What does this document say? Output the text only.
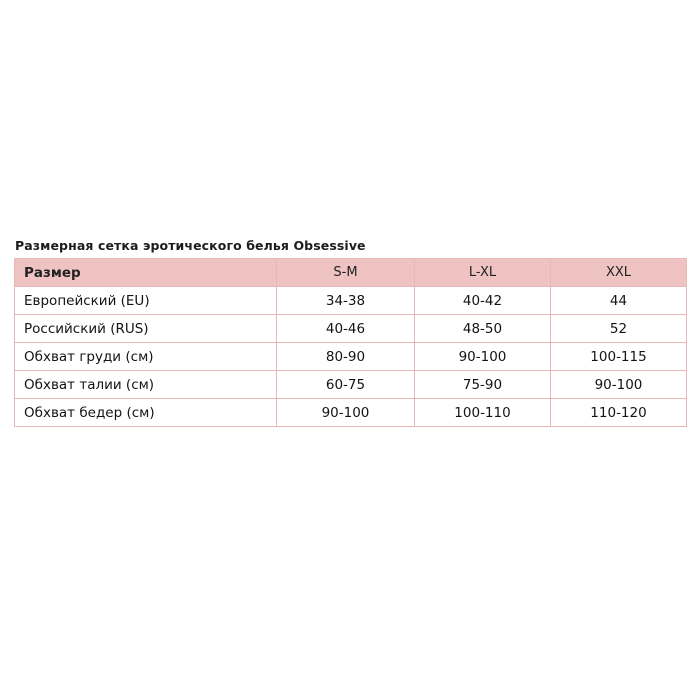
Размерная сетка эротического белья Obsessive
Размер	S-M	L-XL	XXL
Европейский (EU)	34-38	40-42	44
Российский (RUS)	40-46	48-50	52
Обхват груди (см)	80-90	90-100	100-115
Обхват талии (см)	60-75	75-90	90-100
Обхват бедер (см)	90-100	100-110	110-120
